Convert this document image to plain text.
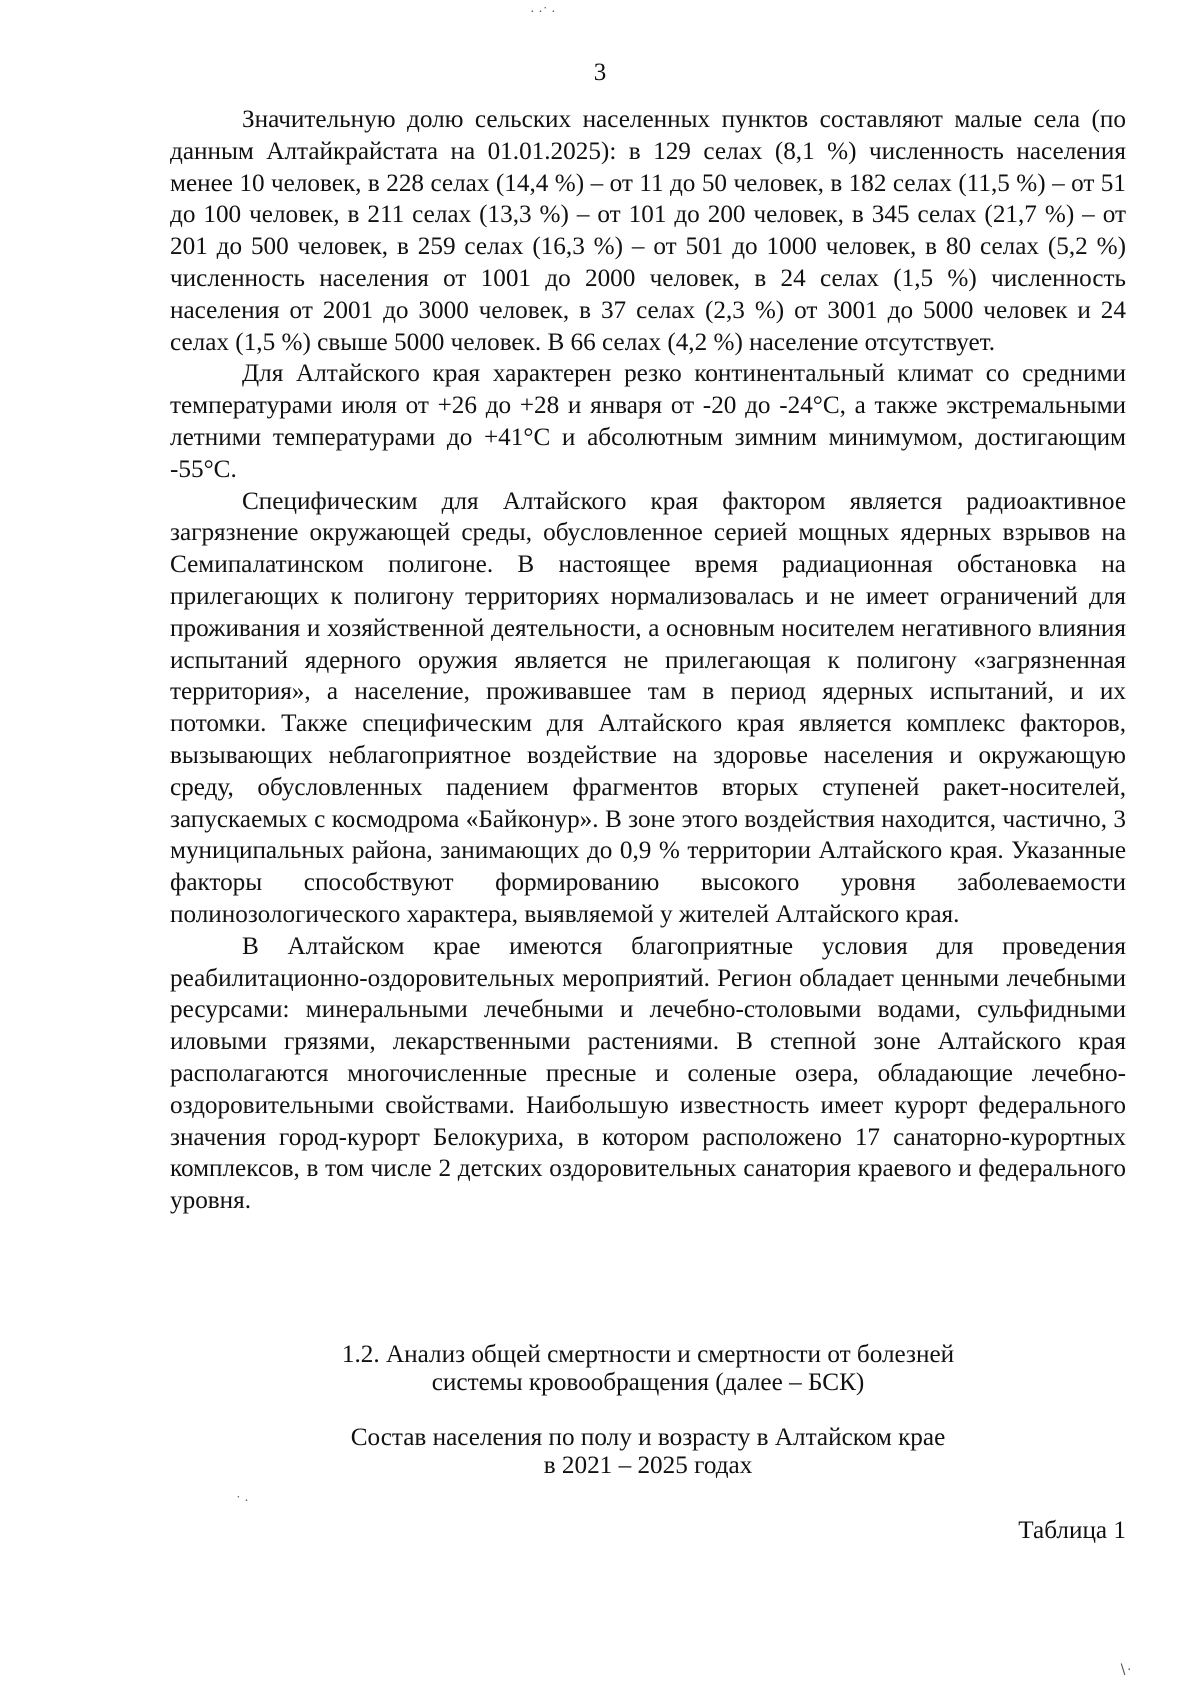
3

Значительную долю сельских населенных пунктов составляют малые села (по данным Алтайкрайстата на 01.01.2025): в 129 селах (8,1 %) численность населения менее 10 человек, в 228 селах (14,4 %) – от 11 до 50 человек, в 182 селах (11,5 %) – от 51 до 100 человек, в 211 селах (13,3 %) – от 101 до 200 человек, в 345 селах (21,7 %) – от 201 до 500 человек, в 259 селах (16,3 %) – от 501 до 1000 человек, в 80 селах (5,2 %) численность населения от 1001 до 2000 человек, в 24 селах (1,5 %) численность населения от 2001 до 3000 человек, в 37 селах (2,3 %) от 3001 до 5000 человек и 24 селах (1,5 %) свыше 5000 человек. В 66 селах (4,2 %) население отсутствует.

Для Алтайского края характерен резко континентальный климат со средними температурами июля от +26 до +28 и января от -20 до -24°С, а также экстремальными летними температурами до +41°С и абсолютным зимним минимумом, достигающим -55°С.

Специфическим для Алтайского края фактором является радиоактивное загрязнение окружающей среды, обусловленное серией мощных ядерных взрывов на Семипалатинском полигоне. В настоящее время радиационная обстановка на прилегающих к полигону территориях нормализовалась и не имеет ограничений для проживания и хозяйственной деятельности, а основным носителем негативного влияния испытаний ядерного оружия является не прилегающая к полигону «загрязненная территория», а население, проживавшее там в период ядерных испытаний, и их потомки. Также специфическим для Алтайского края является комплекс факторов, вызывающих неблагоприятное воздействие на здоровье населения и окружающую среду, обусловленных падением фрагментов вторых ступеней ракет-носителей, запускаемых с космодрома «Байконур». В зоне этого воздействия находится, частично, 3 муниципальных района, занимающих до 0,9 % территории Алтайского края. Указанные факторы способствуют формированию высокого уровня заболеваемости полинозологического характера, выявляемой у жителей Алтайского края.

В Алтайском крае имеются благоприятные условия для проведения реабилитационно-оздоровительных мероприятий. Регион обладает ценными лечебными ресурсами: минеральными лечебными и лечебно-столовыми водами, сульфидными иловыми грязями, лекарственными растениями. В степной зоне Алтайского края располагаются многочисленные пресные и соленые озера, обладающие лечебно-оздоровительными свойствами. Наибольшую известность имеет курорт федерального значения город-курорт Белокуриха, в котором расположено 17 санаторно-курортных комплексов, в том числе 2 детских оздоровительных санатория краевого и федерального уровня.

1.2. Анализ общей смертности и смертности от болезней
системы кровообращения (далее – БСК)
Состав населения по полу и возрасту в Алтайском крае
в 2021 – 2025 годах
Таблица 1
· ·˙ ·
˙ ·
∖·
